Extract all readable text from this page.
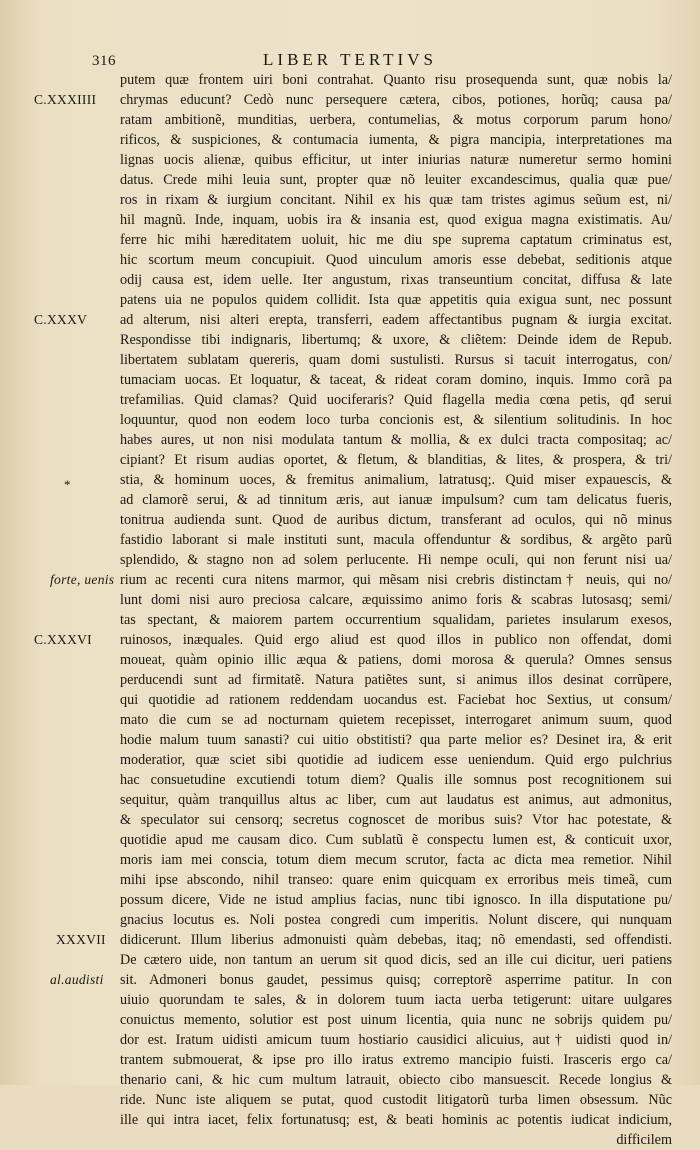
316	LIBER TERTIVS
C.XXXIIII
C.XXXV
forte, uenis
C.XXXVI
XXXVII
al.audisti
*
putem quæ frontem uiri boni contrahat. Quanto risu prosequenda sunt, quæ nobis la/
chrymas educunt? Cedò nunc persequere cætera, cibos, potiones, horũq; causa pa/
ratam ambitionẽ, munditias, uerbera, contumelias, & motus corporum parum hono/
rificos, & suspiciones, & contumacia iumenta, & pigra mancipia, interpretationes ma
lignas uocis alienæ, quibus efficitur, ut inter iniurias naturæ numeretur sermo homini
datus. Crede mihi leuia sunt, propter quæ nõ leuiter excandescimus, qualia quæ pue/
ros in rixam & iurgium concitant. Nihil ex his quæ tam tristes agimus seũum est, ni/
hil magnũ. Inde, inquam, uobis ira & insania est, quod exigua magna existimatis. Au/
ferre hic mihi hæreditatem uoluit, hic me diu spe suprema captatum criminatus est,
hic scortum meum concupiuit. Quod uinculum amoris esse debebat, seditionis atque
odij causa est, idem uelle. Iter angustum, rixas transeuntium concitat, diffusa & late
patens uia ne populos quidem collidit. Ista quæ appetitis quia exigua sunt, nec possunt
ad alterum, nisi alteri erepta, transferri, eadem affectantibus pugnam & iurgia excitat.
Respondisse tibi indignaris, libertumq; & uxore, & cliẽtem: Deinde idem de Repub.
libertatem sublatam quereris, quam domi sustulisti. Rursus si tacuit interrogatus, con/
tumaciam uocas. Et loquatur, & taceat, & rideat coram domino, inquis. Immo corã pa
trefamilias. Quid clamas? Quid uociferaris? Quid flagella media cœna petis, qđ serui
loquuntur, quod non eodem loco turba concionis est, & silentium solitudinis. In hoc
habes aures, ut non nisi modulata tantum & mollia, & ex dulci tracta compositaq; ac/
cipiant? Et risum audias oportet, & fletum, & blanditias, & lites, & prospera, & tri/
stia, & hominum uoces, & fremitus animalium, latratusq;. Quid miser expauescis, &
ad clamorẽ serui, & ad tinnitum æris, aut ianuæ impulsum? cum tam delicatus fueris,
tonitrua audienda sunt. Quod de auribus dictum, transferant ad oculos, qui nõ minus
fastidio laborant si male instituti sunt, macula offenduntur & sordibus, & argẽto parũ
splendido, & stagno non ad solem perlucente. Hi nempe oculi, qui non ferunt nisi ua/
rium ac recenti cura nitens marmor, qui mẽsam nisi crebris distinctam† neuis, qui no/
lunt domi nisi auro preciosa calcare, æquissimo animo foris & scabras lutosasq; semi/
tas spectant, & maiorem partem occurrentium squalidam, parietes insularum exesos,
ruinosos, inæquales. Quid ergo aliud est quod illos in publico non offendat, domi
moueat, quàm opinio illic æqua & patiens, domi morosa & querula? Omnes sensus
perducendi sunt ad firmitatẽ. Natura patiẽtes sunt, si animus illos desinat corrũpere,
qui quotidie ad rationem reddendam uocandus est. Faciebat hoc Sextius, ut consum/
mato die cum se ad nocturnam quietem recepisset, interrogaret animum suum, quod
hodie malum tuum sanasti? cui uitio obstitisti? qua parte melior es? Desinet ira, & erit
moderatior, quæ sciet sibi quotidie ad iudicem esse ueniendum. Quid ergo pulchrius
hac consuetudine excutiendi totum diem? Qualis ille somnus post recognitionem sui
sequitur, quàm tranquillus altus ac liber, cum aut laudatus est animus, aut admonitus,
& speculator sui censorq; secretus cognoscet de moribus suis? Vtor hac potestate, &
quotidie apud me causam dico. Cum sublatũ ẽ conspectu lumen est, & conticuit uxor,
moris iam mei conscia, totum diem mecum scrutor, facta ac dicta mea remetior. Nihil
mihi ipse abscondo, nihil transeo: quare enim quicquam ex erroribus meis timeã, cum
possum dicere, Vide ne istud amplius facias, nunc tibi ignosco. In illa disputatione pu/
gnacius locutus es. Noli postea congredi cum imperitis. Nolunt discere, qui nunquam
didicerunt. Illum liberius admonuisti quàm debebas, itaq; nõ emendasti, sed offendisti.
De cætero uide, non tantum an uerum sit quod dicis, sed an ille cui dicitur, ueri patiens
sit. Admoneri bonus gaudet, pessimus quisq; correptorẽ asperrime patitur. In con
uiuio quorundam te sales, & in dolorem tuum iacta uerba tetigerunt: uitare uulgares
conuictus memento, solutior est post uinum licentia, quia nunc ne sobrijs quidem pu/
dor est. Iratum uidisti amicum tuum hostiario causidici alicuius, aut† uidisti quod in/
trantem submouerat, & ipse pro illo iratus extremo mancipio fuisti. Irasceris ergo ca/
thenario cani, & hic cum multum latrauit, obiecto cibo mansuescit. Recede longius &
ride. Nunc iste aliquem se putat, quod custodit litigatorũ turba limen obsessum. Nũc
ille qui intra iacet, felix fortunatusq; est, & beati hominis ac potentis iudicat indicium,
difficilem
